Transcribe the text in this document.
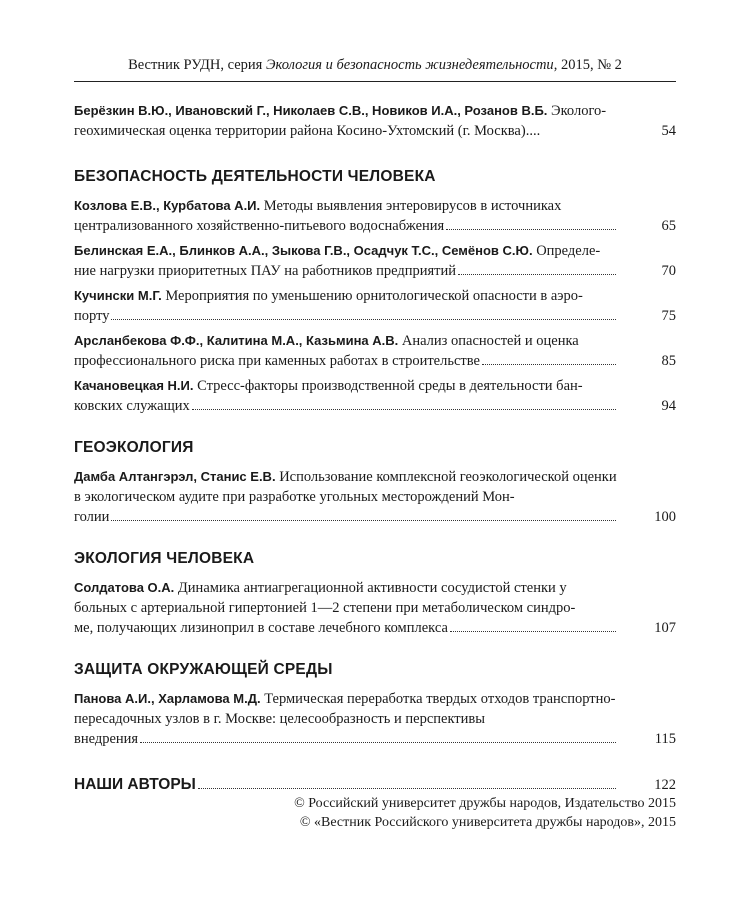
Вестник РУДН, серия Экология и безопасность жизнедеятельности, 2015, № 2
Берёзкин В.Ю., Ивановский Г., Николаев С.В., Новиков И.А., Розанов В.Б. Эколого-геохимическая оценка территории района Косино-Ухтомский (г. Москва)....	54
БЕЗОПАСНОСТЬ ДЕЯТЕЛЬНОСТИ ЧЕЛОВЕКА
Козлова Е.В., Курбатова А.И. Методы выявления энтеровирусов в источниках
централизованного хозяйственно-питьевого водоснабжения	65
Белинская Е.А., Блинков А.А., Зыкова Г.В., Осадчук Т.С., Семёнов С.Ю. Определе-
ние нагрузки приоритетных ПАУ на работников предприятий	70
Кучински М.Г. Мероприятия по уменьшению орнитологической опасности в аэро-
порту	75
Арсланбекова Ф.Ф., Калитина М.А., Казьмина А.В. Анализ опасностей и оценка
профессионального риска при каменных работах в строительстве	85
Качановецкая Н.И. Стресс-факторы производственной среды в деятельности бан-
ковских служащих	94
ГЕОЭКОЛОГИЯ
Дамба Алтангэрэл, Станис Е.В. Использование комплексной геоэкологической оценки в экологическом аудите при разработке угольных месторождений Мон-
голии	100
ЭКОЛОГИЯ ЧЕЛОВЕКА
Солдатова О.А. Динамика антиагрегационной активности сосудистой стенки у больных с артериальной гипертонией 1—2 степени при метаболическом синдро-
ме, получающих лизиноприл в составе лечебного комплекса	107
ЗАЩИТА ОКРУЖАЮЩЕЙ СРЕДЫ
Панова А.И., Харламова М.Д. Термическая переработка твердых отходов транспортно-пересадочных узлов в г. Москве: целесообразность и перспективы
внедрения	115
НАШИ АВТОРЫ	122
© Российский университет дружбы народов, Издательство 2015
© «Вестник Российского университета дружбы народов», 2015
